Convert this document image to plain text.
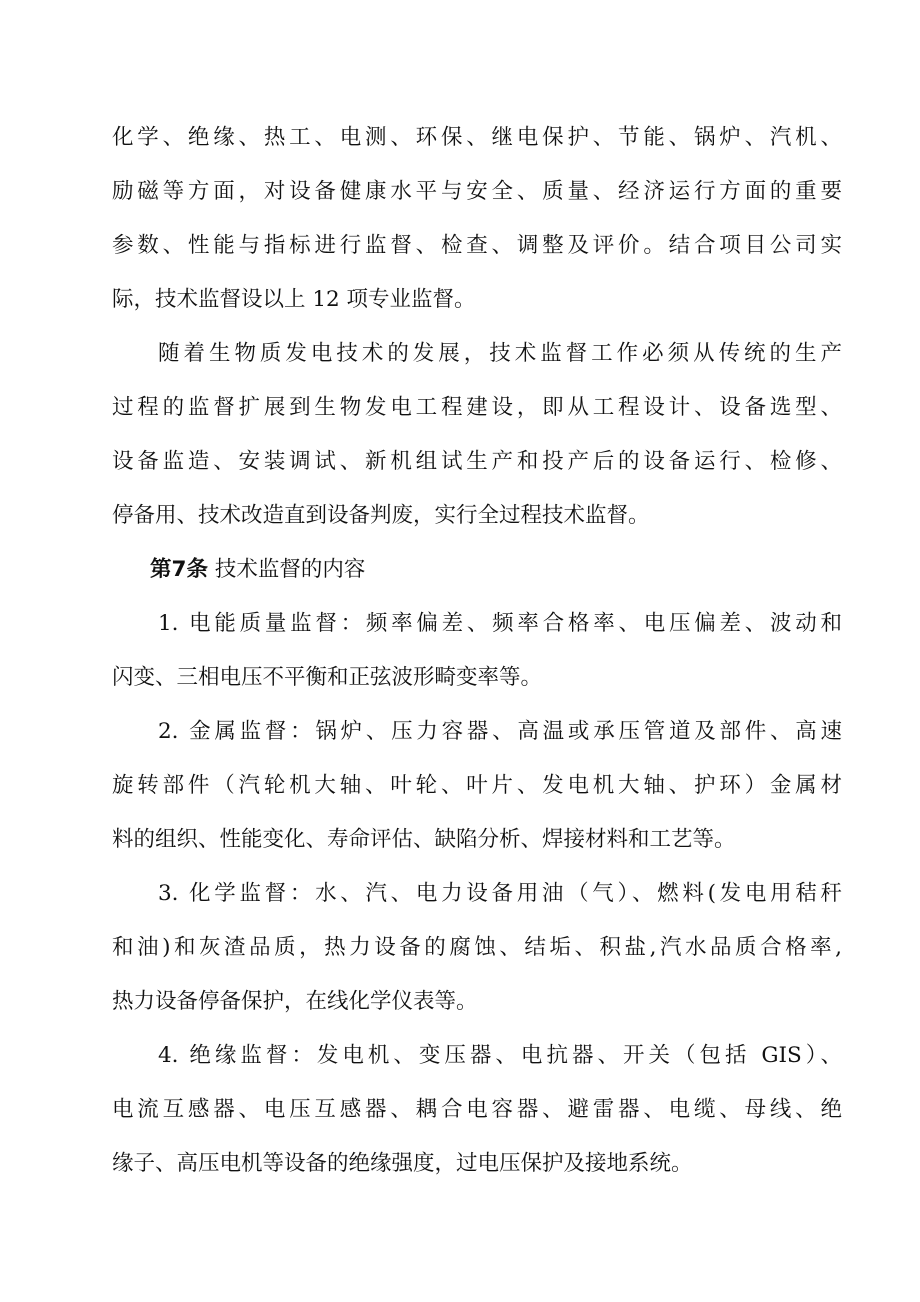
化学、绝缘、热工、电测、环保、继电保护、节能、锅炉、汽机、
励磁等方面，对设备健康水平与安全、质量、经济运行方面的重要
参数、性能与指标进行监督、检查、调整及评价。结合项目公司实
际，技术监督设以上 12 项专业监督。
随着生物质发电技术的发展，技术监督工作必须从传统的生产
过程的监督扩展到生物发电工程建设，即从工程设计、设备选型、
设备监造、安装调试、新机组试生产和投产后的设备运行、检修、
停备用、技术改造直到设备判废，实行全过程技术监督。
第7条 技术监督的内容
1. 电能质量监督：频率偏差、频率合格率、电压偏差、波动和
闪变、三相电压不平衡和正弦波形畸变率等。
2. 金属监督：锅炉、压力容器、高温或承压管道及部件、高速
旋转部件（汽轮机大轴、叶轮、叶片、发电机大轴、护环）金属材
料的组织、性能变化、寿命评估、缺陷分析、焊接材料和工艺等。
3. 化学监督：水、汽、电力设备用油（气）、燃料(发电用秸秆
和油)和灰渣品质，热力设备的腐蚀、结垢、积盐,汽水品质合格率,
热力设备停备保护，在线化学仪表等。
4. 绝缘监督：发电机、变压器、电抗器、开关（包括 GIS）、
电流互感器、电压互感器、耦合电容器、避雷器、电缆、母线、绝
缘子、高压电机等设备的绝缘强度，过电压保护及接地系统。
